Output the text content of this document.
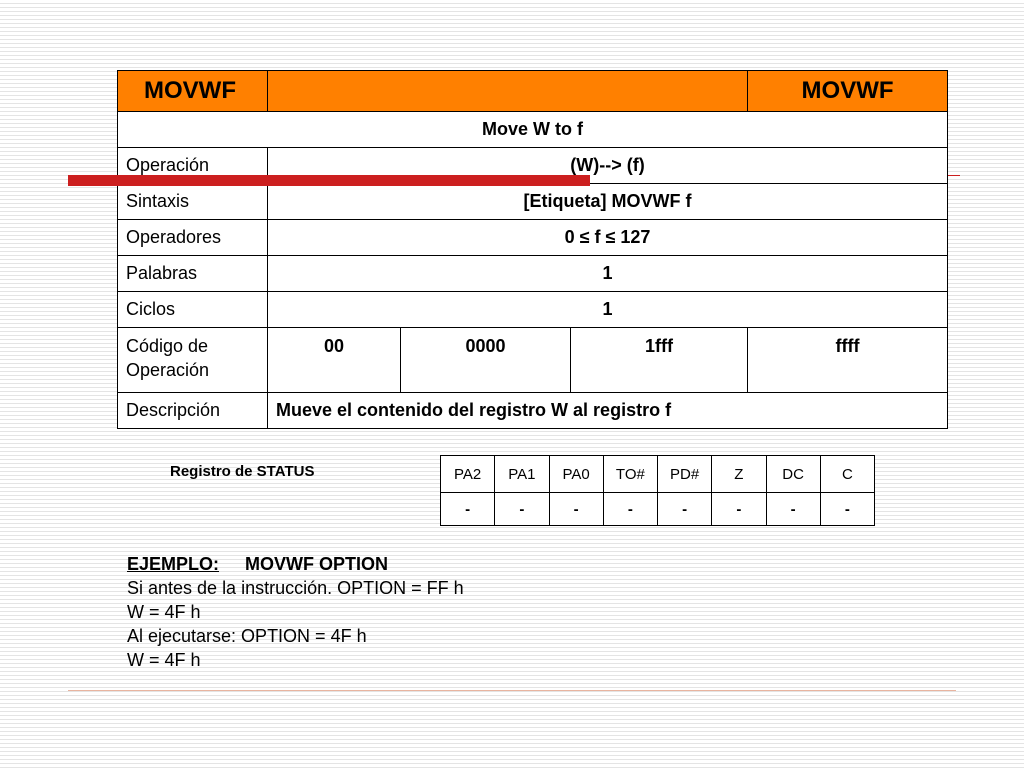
MOVWF				MOVWF
Move W to f				
Operación	(W)--> (f)			
Sintaxis	[Etiqueta] MOVWF f			
Operadores	0 ≤ f ≤ 127			
Palabras	1			
Ciclos	1			
Código de
Operación	00	0000	1fff	ffff
Descripción	Mueve el contenido del registro W al registro f			
Registro de STATUS	PA2	PA1	PA0	TO#	PD#	Z	DC	C
-	-	-	-	-	-	-	-
EJEMPLO: MOVWF OPTION
Si antes de la instrucción. OPTION = FF h
W = 4F h
Al ejecutarse: OPTION = 4F h
W = 4F h
